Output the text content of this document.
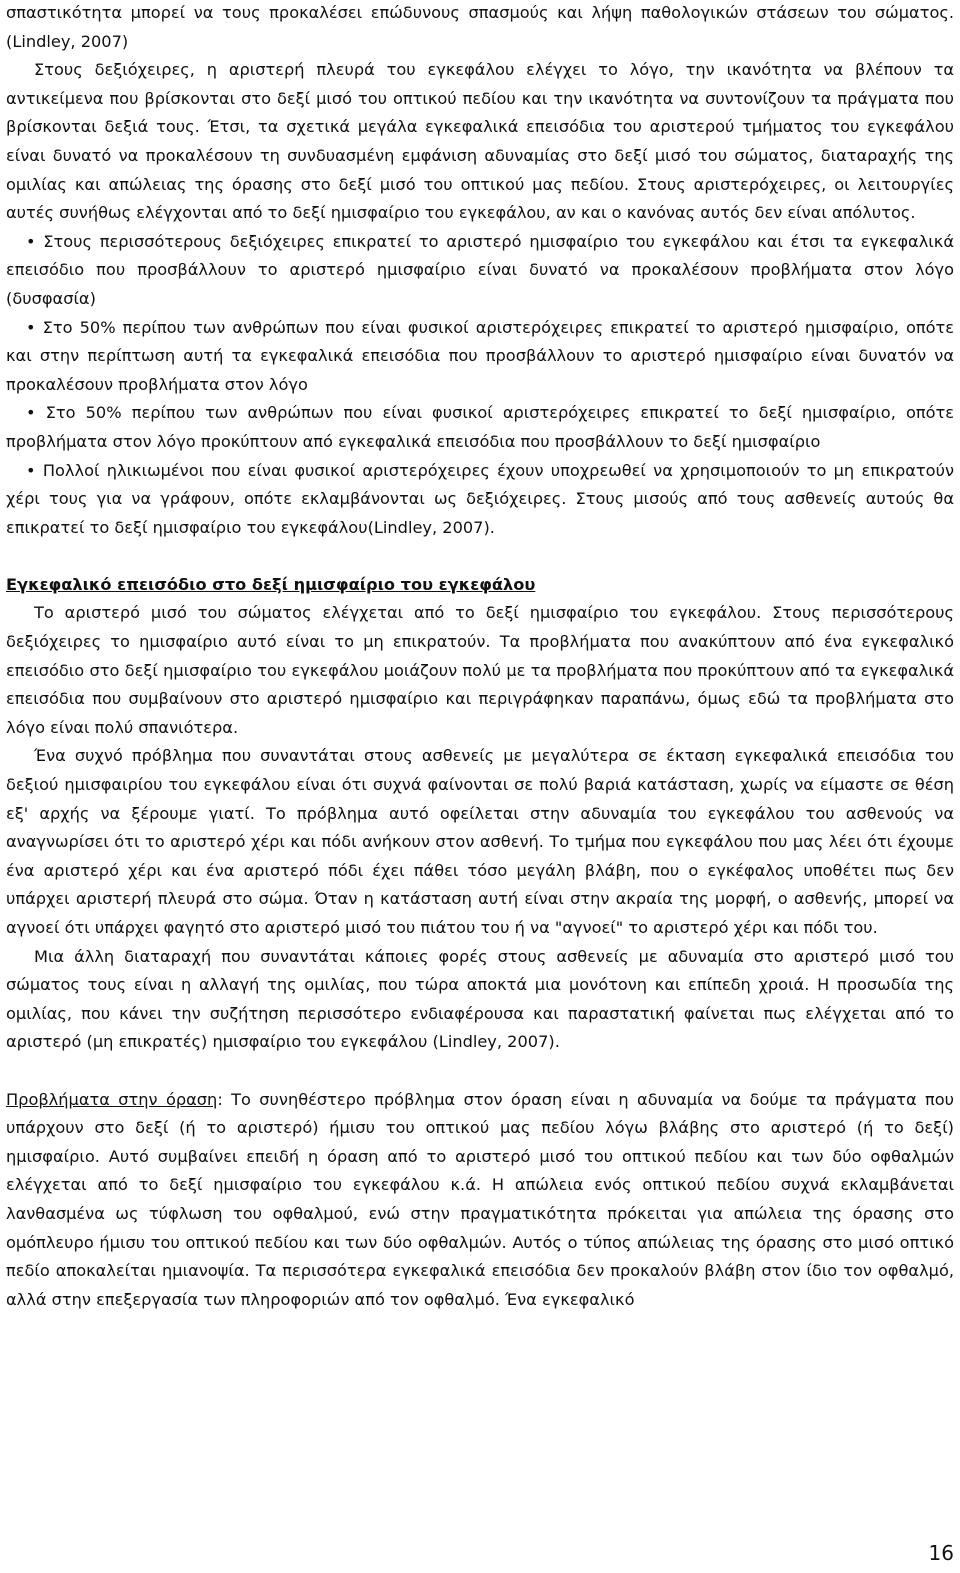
σπαστικότητα μπορεί να τους προκαλέσει επώδυνους σπασμούς και λήψη παθολογικών στάσεων του σώματος.(Lindley, 2007)

Στους δεξιόχειρες, η αριστερή πλευρά του εγκεφάλου ελέγχει το λόγο, την ικανότητα να βλέπουν τα αντικείμενα που βρίσκονται στο δεξί μισό του οπτικού πεδίου και την ικανότητα να συντονίζουν τα πράγματα που βρίσκονται δεξιά τους. Έτσι, τα σχετικά μεγάλα εγκεφαλικά επεισόδια του αριστερού τμήματος του εγκεφάλου είναι δυνατό να προκαλέσουν τη συνδυασμένη εμφάνιση αδυναμίας στο δεξί μισό του σώματος, διαταραχής της ομιλίας και απώλειας της όρασης στο δεξί μισό του οπτικού μας πεδίου. Στους αριστερόχειρες, οι λειτουργίες αυτές συνήθως ελέγχονται από το δεξί ημισφαίριο του εγκεφάλου, αν και ο κανόνας αυτός δεν είναι απόλυτος.

• Στους περισσότερους δεξιόχειρες επικρατεί το αριστερό ημισφαίριο του εγκεφάλου και έτσι τα εγκεφαλικά επεισόδιο που προσβάλλουν το αριστερό ημισφαίριο είναι δυνατό να προκαλέσουν προβλήματα στον λόγο (δυσφασία)

• Στο 50% περίπου των ανθρώπων που είναι φυσικοί αριστερόχειρες επικρατεί το αριστερό ημισφαίριο, οπότε και στην περίπτωση αυτή τα εγκεφαλικά επεισόδια που προσβάλλουν το αριστερό ημισφαίριο είναι δυνατόν να προκαλέσουν προβλήματα στον λόγο

• Στο 50% περίπου των ανθρώπων που είναι φυσικοί αριστερόχειρες επικρατεί το δεξί ημισφαίριο, οπότε προβλήματα στον λόγο προκύπτουν από εγκεφαλικά επεισόδια που προσβάλλουν το δεξί ημισφαίριο

• Πολλοί ηλικιωμένοι που είναι φυσικοί αριστερόχειρες έχουν υποχρεωθεί να χρησιμοποιούν το μη επικρατούν χέρι τους για να γράφουν, οπότε εκλαμβάνονται ως δεξιόχειρες. Στους μισούς από τους ασθενείς αυτούς θα επικρατεί το δεξί ημισφαίριο του εγκεφάλου(Lindley, 2007).

Εγκεφαλικό επεισόδιο στο δεξί ημισφαίριο του εγκεφάλου

Το αριστερό μισό του σώματος ελέγχεται από το δεξί ημισφαίριο του εγκεφάλου. Στους περισσότερους δεξιόχειρες το ημισφαίριο αυτό είναι το μη επικρατούν. Τα προβλήματα που ανακύπτουν από ένα εγκεφαλικό επεισόδιο στο δεξί ημισφαίριο του εγκεφάλου μοιάζουν πολύ με τα προβλήματα που προκύπτουν από τα εγκεφαλικά επεισόδια που συμβαίνουν στο αριστερό ημισφαίριο και περιγράφηκαν παραπάνω, όμως εδώ τα προβλήματα στο λόγο είναι πολύ σπανιότερα.

Ένα συχνό πρόβλημα που συναντάται στους ασθενείς με μεγαλύτερα σε έκταση εγκεφαλικά επεισόδια του δεξιού ημισφαιρίου του εγκεφάλου είναι ότι συχνά φαίνονται σε πολύ βαριά κατάσταση, χωρίς να είμαστε σε θέση εξ' αρχής να ξέρουμε γιατί. Το πρόβλημα αυτό οφείλεται στην αδυναμία του εγκεφάλου του ασθενούς να αναγνωρίσει ότι το αριστερό χέρι και πόδι ανήκουν στον ασθενή. Το τμήμα που εγκεφάλου που μας λέει ότι έχουμε ένα αριστερό χέρι και ένα αριστερό πόδι έχει πάθει τόσο μεγάλη βλάβη, που ο εγκέφαλος υποθέτει πως δεν υπάρχει αριστερή πλευρά στο σώμα. Όταν η κατάσταση αυτή είναι στην ακραία της μορφή, ο ασθενής, μπορεί να αγνοεί ότι υπάρχει φαγητό στο αριστερό μισό του πιάτου του ή να "αγνοεί" το αριστερό χέρι και πόδι του.

Μια άλλη διαταραχή που συναντάται κάποιες φορές στους ασθενείς με αδυναμία στο αριστερό μισό του σώματος τους είναι η αλλαγή της ομιλίας, που τώρα αποκτά μια μονότονη και επίπεδη χροιά. Η προσωδία της ομιλίας, που κάνει την συζήτηση περισσότερο ενδιαφέρουσα και παραστατική φαίνεται πως ελέγχεται από το αριστερό (μη επικρατές) ημισφαίριο του εγκεφάλου (Lindley, 2007).

Προβλήματα στην όραση: Το συνηθέστερο πρόβλημα στον όραση είναι η αδυναμία να δούμε τα πράγματα που υπάρχουν στο δεξί (ή το αριστερό) ήμισυ του οπτικού μας πεδίου λόγω βλάβης στο αριστερό (ή το δεξί) ημισφαίριο. Αυτό συμβαίνει επειδή η όραση από το αριστερό μισό του οπτικού πεδίου και των δύο οφθαλμών ελέγχεται από το δεξί ημισφαίριο του εγκεφάλου κ.ά. Η απώλεια ενός οπτικού πεδίου συχνά εκλαμβάνεται λανθασμένα ως τύφλωση του οφθαλμού, ενώ στην πραγματικότητα πρόκειται για απώλεια της όρασης στο ομόπλευρο ήμισυ του οπτικού πεδίου και των δύο οφθαλμών. Αυτός ο τύπος απώλειας της όρασης στο μισό οπτικό πεδίο αποκαλείται ημιανοψία. Τα περισσότερα εγκεφαλικά επεισόδια δεν προκαλούν βλάβη στον ίδιο τον οφθαλμό, αλλά στην επεξεργασία των πληροφοριών από τον οφθαλμό. Ένα εγκεφαλικό

16
